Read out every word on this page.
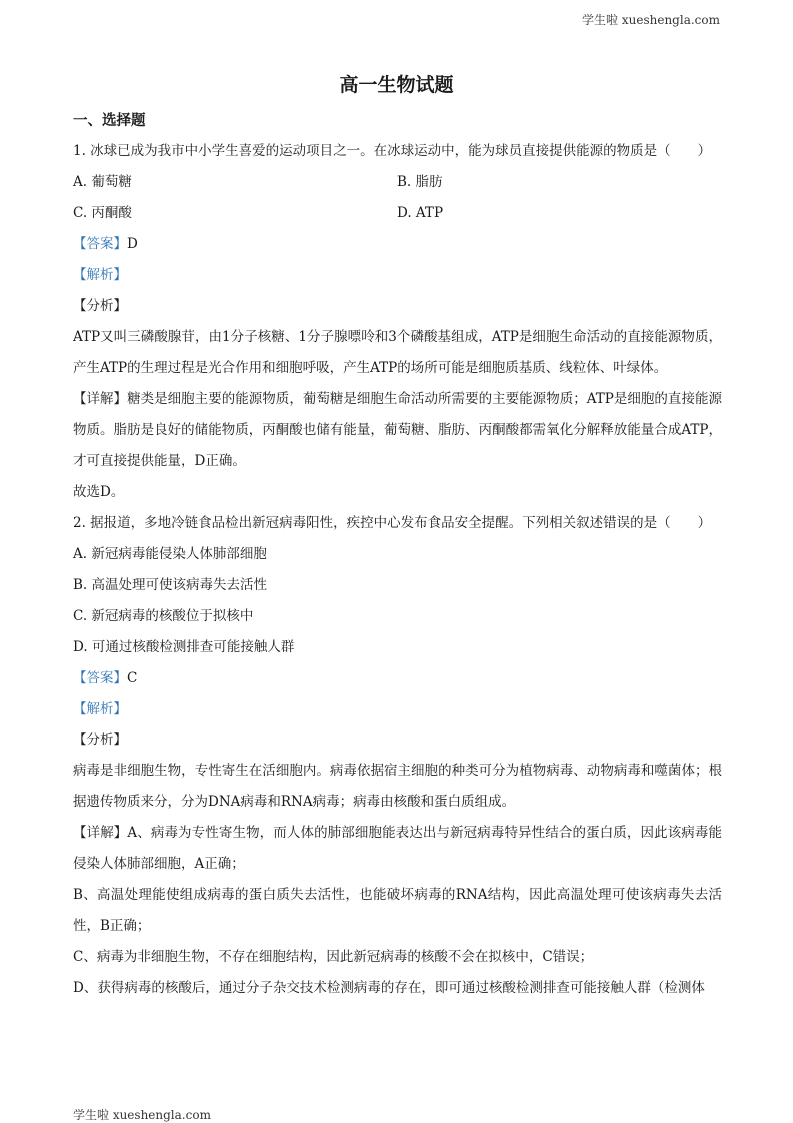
学生啦 xueshengla.com
高一生物试题

一、选择题

1. 冰球已成为我市中小学生喜爱的运动项目之一。在冰球运动中，能为球员直接提供能源的物质是（　　）

A. 葡萄糖	B. 脂肪
C. 丙酮酸	D. ATP

【答案】D

【解析】

【分析】

ATP又叫三磷酸腺苷，由1分子核糖、1分子腺嘌呤和3个磷酸基组成，ATP是细胞生命活动的直接能源物质，产生ATP的生理过程是光合作用和细胞呼吸，产生ATP的场所可能是细胞质基质、线粒体、叶绿体。

【详解】糖类是细胞主要的能源物质，葡萄糖是细胞生命活动所需要的主要能源物质；ATP是细胞的直接能源物质。脂肪是良好的储能物质，丙酮酸也储有能量，葡萄糖、脂肪、丙酮酸都需氧化分解释放能量合成ATP，才可直接提供能量，D正确。

故选D。

2. 据报道，多地冷链食品检出新冠病毒阳性，疾控中心发布食品安全提醒。下列相关叙述错误的是（　　）

A. 新冠病毒能侵染人体肺部细胞

B. 高温处理可使该病毒失去活性

C. 新冠病毒的核酸位于拟核中

D. 可通过核酸检测排查可能接触人群

【答案】C

【解析】

【分析】

病毒是非细胞生物，专性寄生在活细胞内。病毒依据宿主细胞的种类可分为植物病毒、动物病毒和噬菌体；根据遗传物质来分，分为DNA病毒和RNA病毒；病毒由核酸和蛋白质组成。

【详解】A、病毒为专性寄生物，而人体的肺部细胞能表达出与新冠病毒特异性结合的蛋白质，因此该病毒能侵染人体肺部细胞，A正确；

B、高温处理能使组成病毒的蛋白质失去活性，也能破坏病毒的RNA结构，因此高温处理可使该病毒失去活性，B正确；

C、病毒为非细胞生物，不存在细胞结构，因此新冠病毒的核酸不会在拟核中，C错误；

D、获得病毒的核酸后，通过分子杂交技术检测病毒的存在，即可通过核酸检测排查可能接触人群（检测体

学生啦 xueshengla.com
